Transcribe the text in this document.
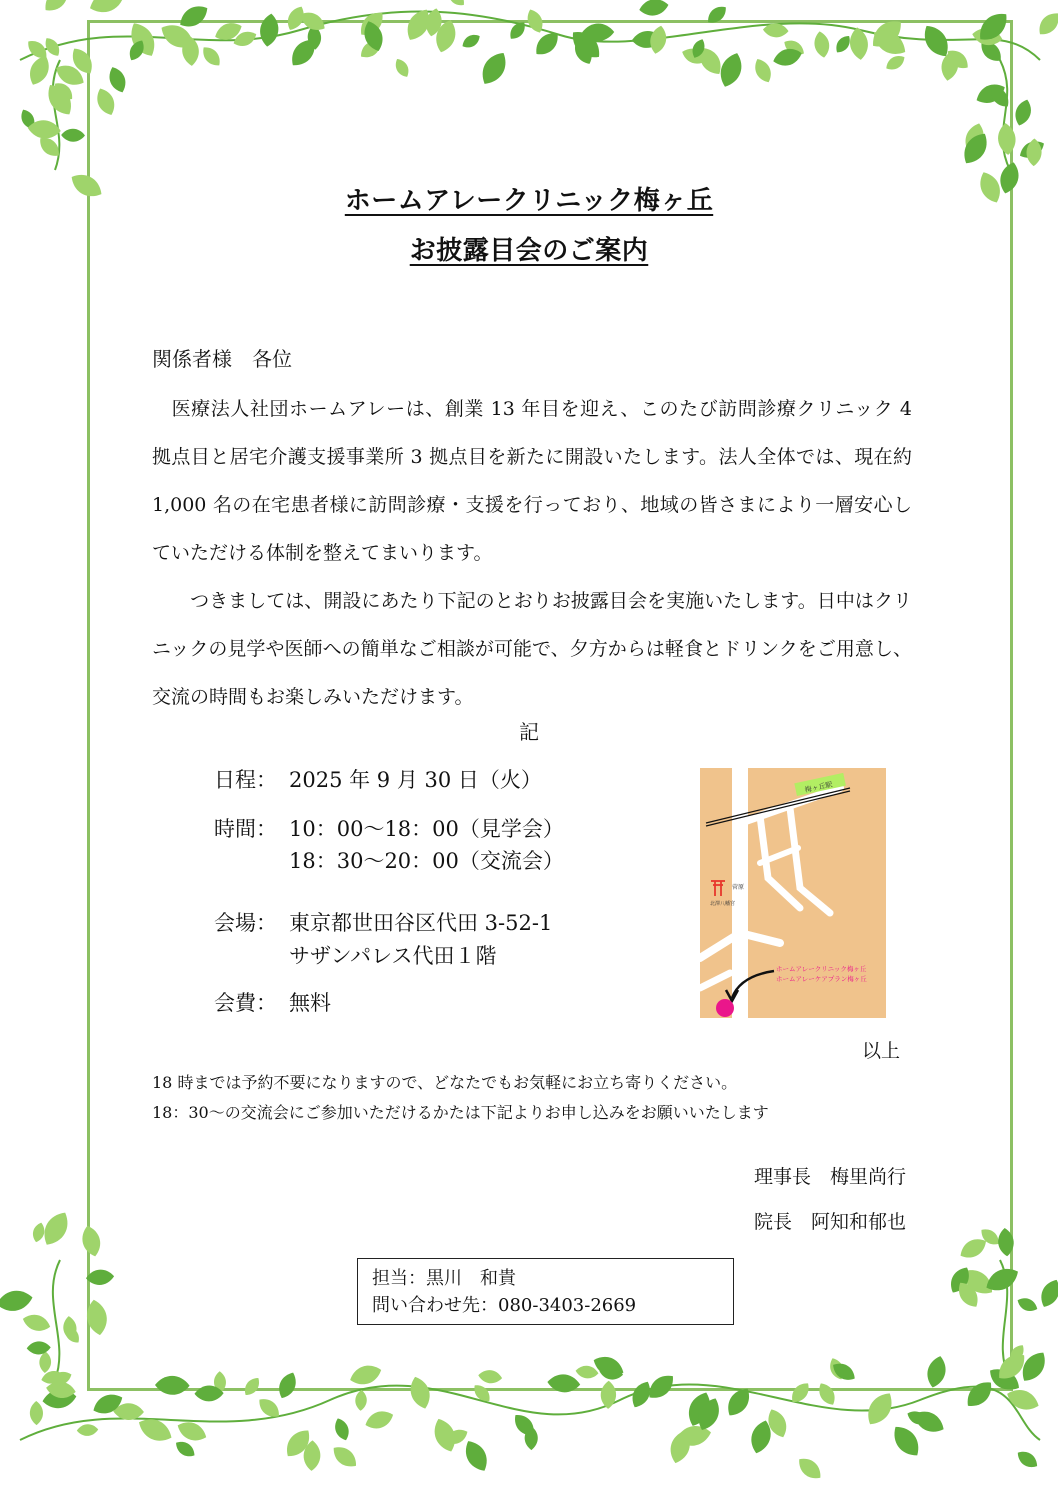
ホームアレークリニック梅ヶ丘
お披露目会のご案内
関係者様　各位

　医療法人社団ホームアレーは、創業 13 年目を迎え、このたび訪問診療クリニック 4 拠点目と居宅介護支援事業所 3 拠点目を新たに開設いたします。法人全体では、現在約 1,000 名の在宅患者様に訪問診療・支援を行っており、地域の皆さまにより一層安心していただける体制を整えてまいります。

　　つきましては、開設にあたり下記のとおりお披露目会を実施いたします。日中はクリニックの見学や医師への簡単なご相談が可能で、夕方からは軽食とドリンクをご用意し、交流の時間もお楽しみいただけます。

記
日程： 2025 年 9 月 30 日（火）
時間： 10：00～18：00（見学会）
18：30～20：00（交流会）
会場： 東京都世田谷区代田 3-52-1
サザンパレス代田１階
会費： 無料
梅ヶ丘駅
菅原
北澤八幡宮
ホームアレークリニック梅ヶ丘
ホームアレーケアプラン梅ヶ丘
以上
18 時までは予約不要になりますので、どなたでもお気軽にお立ち寄りください。
18：30～の交流会にご参加いただけるかたは下記よりお申し込みをお願いいたします
理事長　梅里尚行
院長　阿知和郁也
担当：黒川　和貴
問い合わせ先：080-3403-2669
